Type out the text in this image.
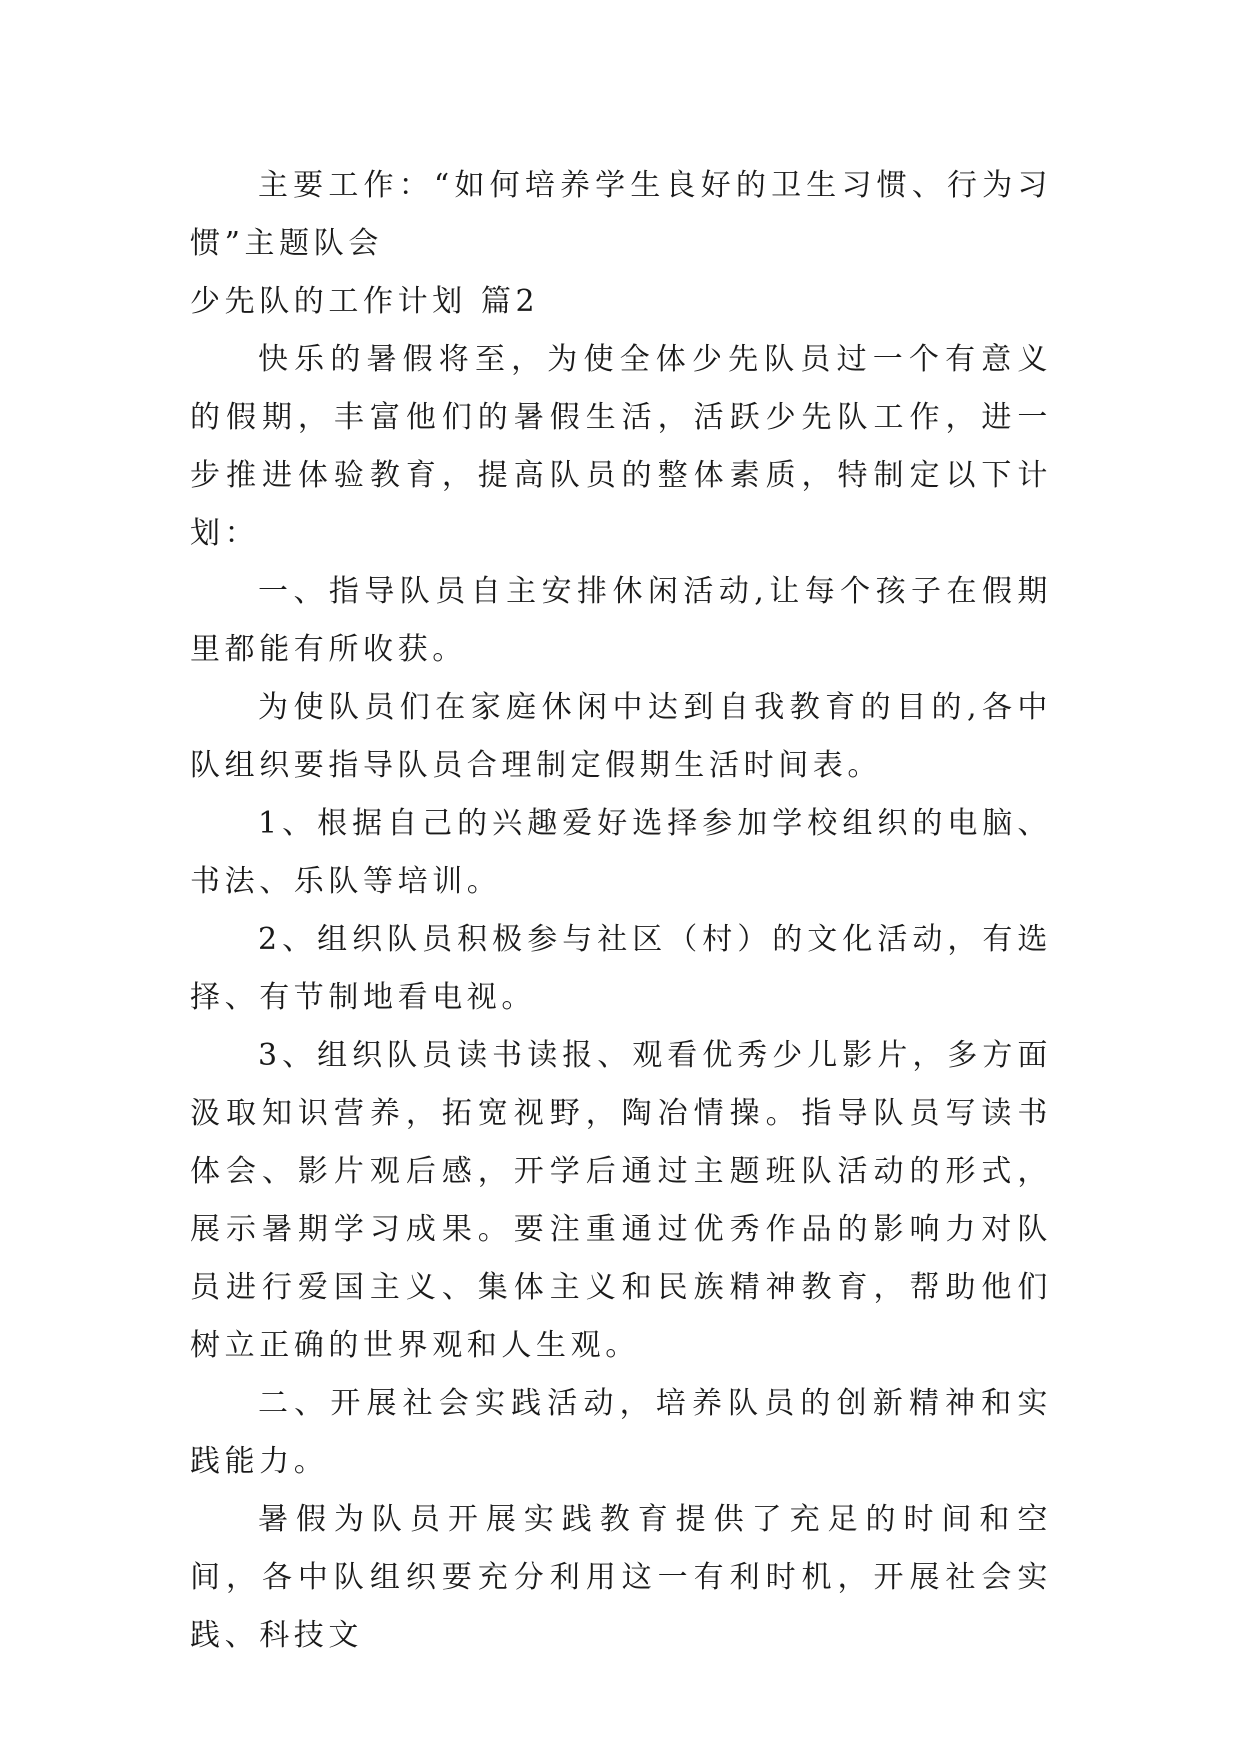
主要工作：“如何培养学生良好的卫生习惯、行为习惯”主题队会

少先队的工作计划 篇2

快乐的暑假将至，为使全体少先队员过一个有意义的假期，丰富他们的暑假生活，活跃少先队工作，进一步推进体验教育，提高队员的整体素质，特制定以下计划：

一、指导队员自主安排休闲活动,让每个孩子在假期里都能有所收获。

为使队员们在家庭休闲中达到自我教育的目的,各中队组织要指导队员合理制定假期生活时间表。

1、根据自己的兴趣爱好选择参加学校组织的电脑、书法、乐队等培训。

2、组织队员积极参与社区（村）的文化活动，有选择、有节制地看电视。

3、组织队员读书读报、观看优秀少儿影片，多方面汲取知识营养，拓宽视野，陶冶情操。指导队员写读书体会、影片观后感，开学后通过主题班队活动的形式，展示暑期学习成果。要注重通过优秀作品的影响力对队员进行爱国主义、集体主义和民族精神教育，帮助他们树立正确的世界观和人生观。

二、开展社会实践活动，培养队员的创新精神和实践能力。

暑假为队员开展实践教育提供了充足的时间和空间，各中队组织要充分利用这一有利时机，开展社会实践、科技文
